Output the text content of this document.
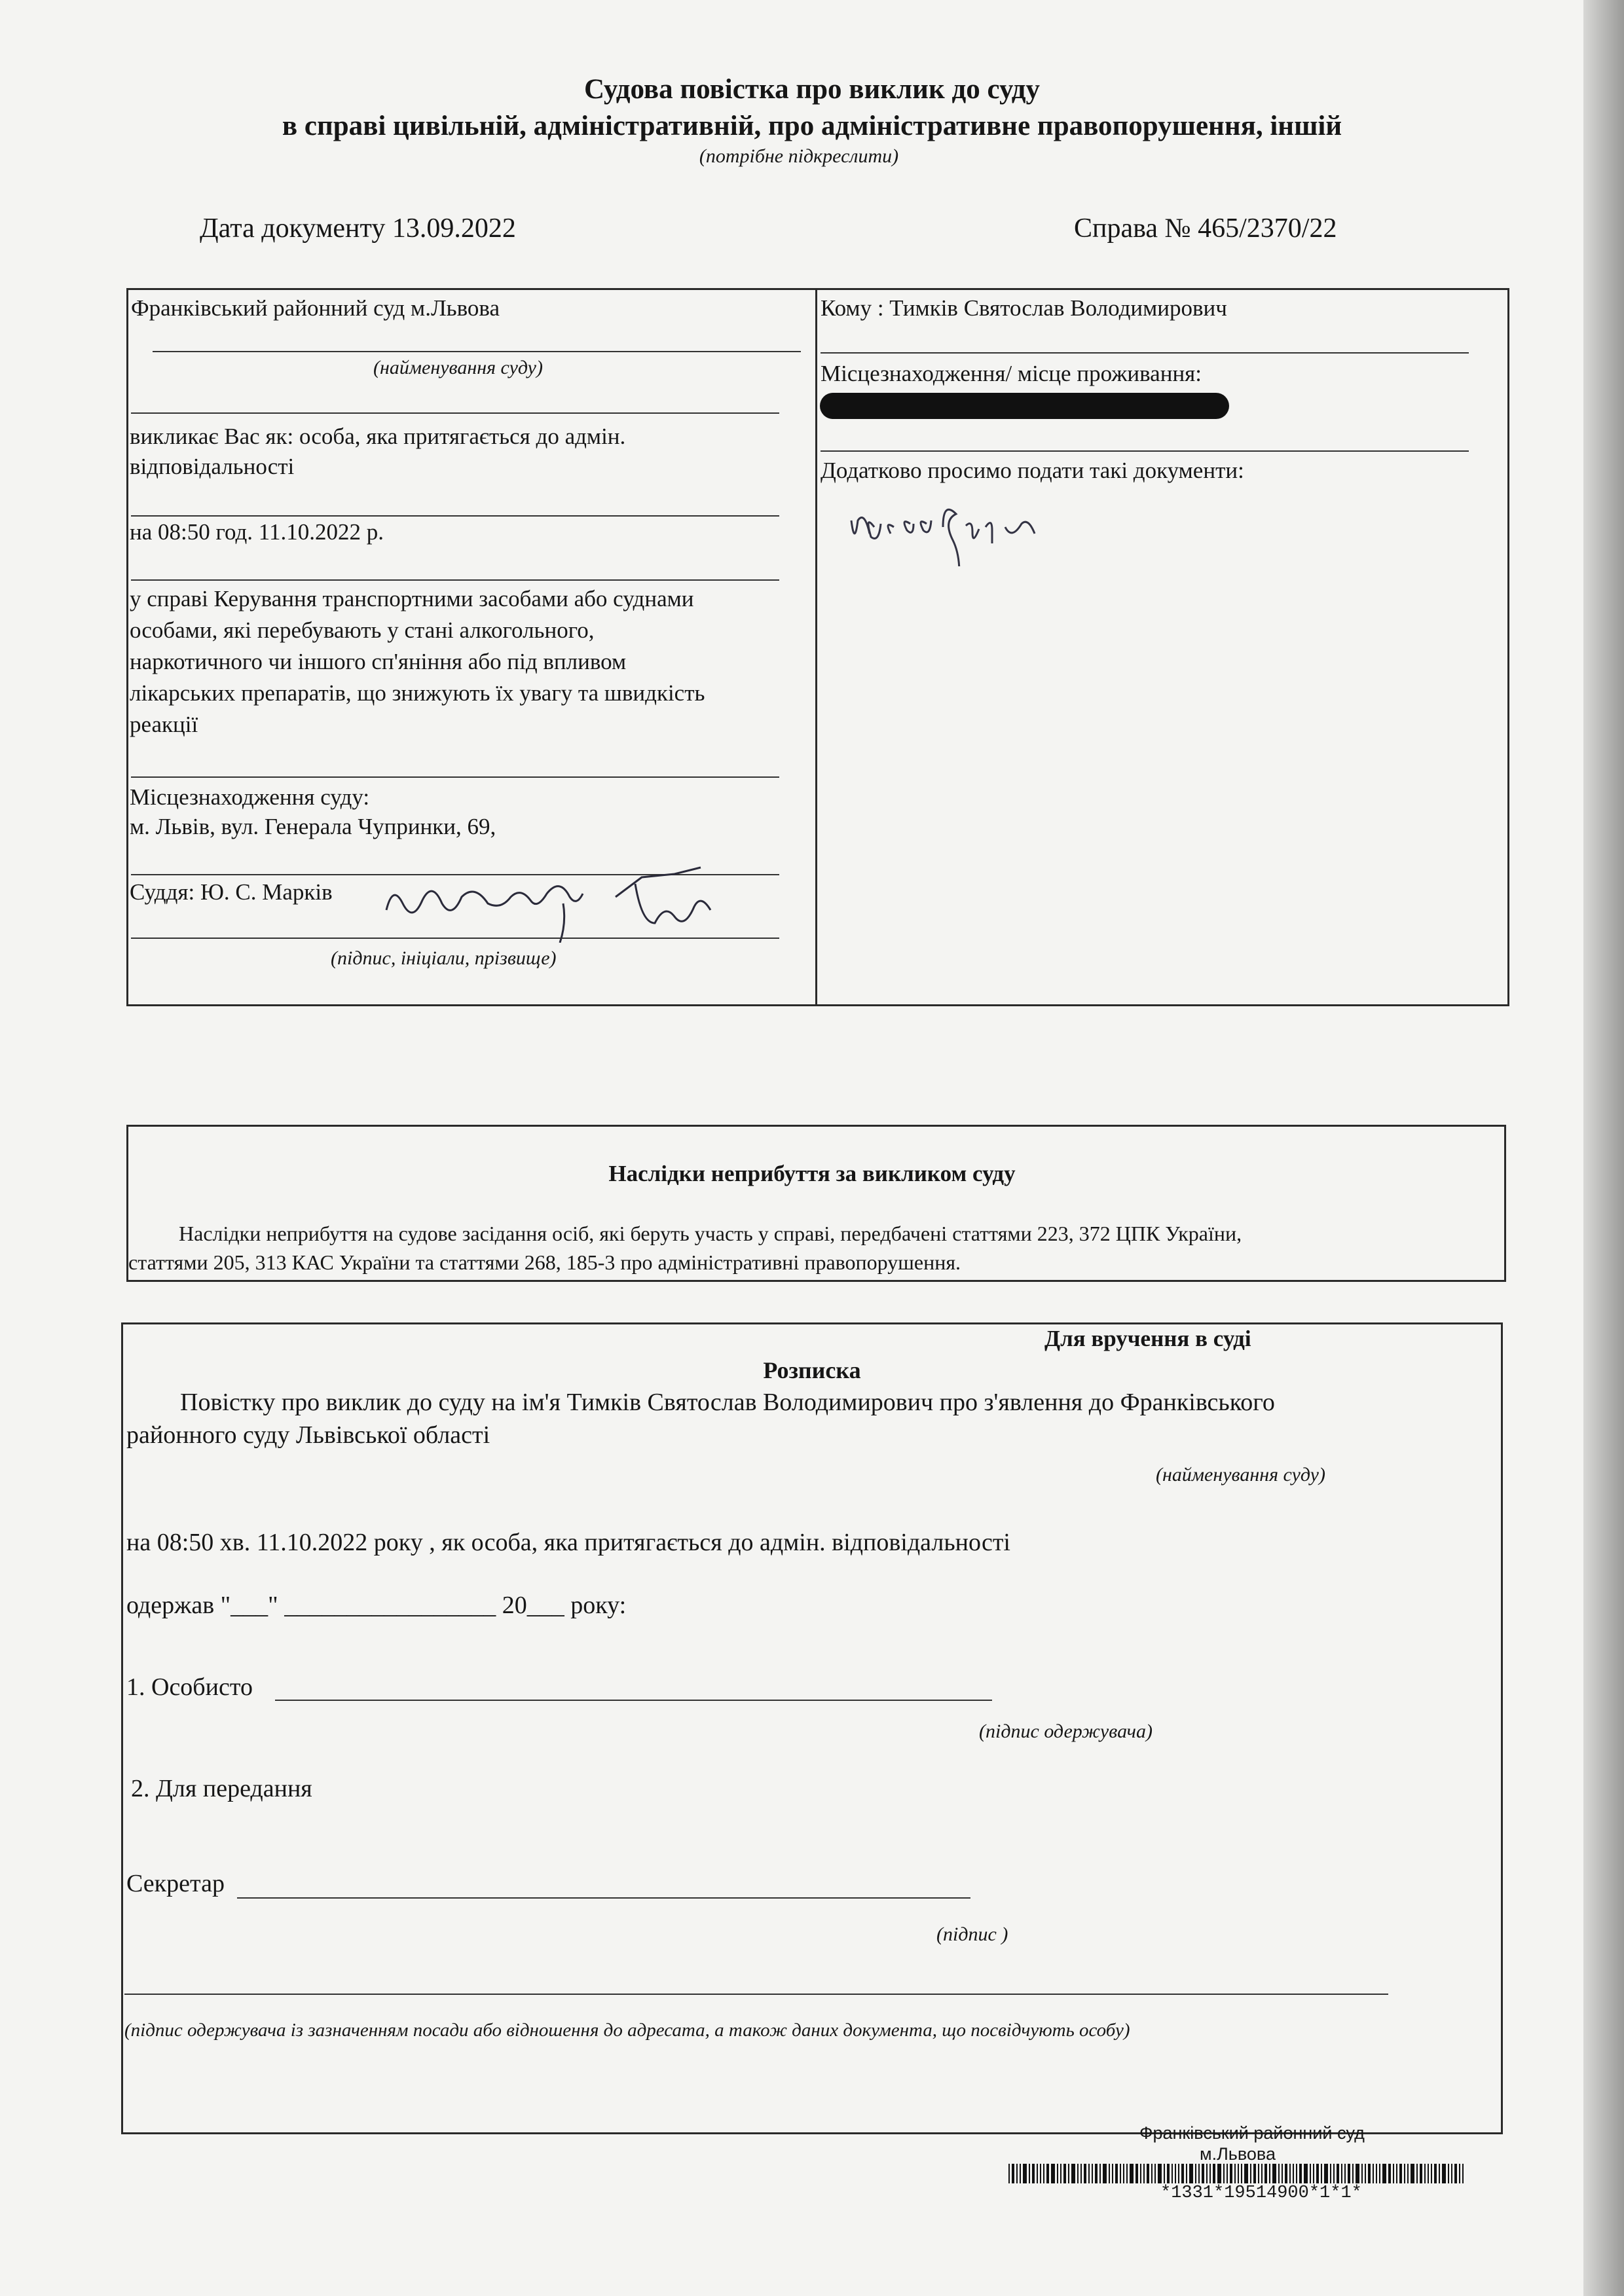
Судова повістка про виклик до суду
в справі цивільній, адміністративній, про адміністративне правопорушення, іншій
(потрібне підкреслити)
Дата документу 13.09.2022	Справа № 465/2370/22
Франківський районний суд м.Львова
(найменування суду)
викликає Вас як: особа, яка притягається до адмін.
відповідальності
на 08:50 год. 11.10.2022 р.
у справі Керування транспортними засобами або суднами
особами, які перебувають у стані алкогольного,
наркотичного чи іншого сп'яніння або під впливом
лікарських препаратів, що знижують їх увагу та швидкість
реакції
Місцезнаходження суду:
м. Львів, вул. Генерала Чупринки, 69,
Суддя: Ю. С. Марків
(підпис, ініціали, прізвище)
Кому : Тимків Святослав Володимирович
Місцезнаходження/ місце проживання:
Додатково просимо подати такі документи:
Наслідки неприбуття за викликом суду
Наслідки неприбуття на судове засідання осіб, які беруть участь у справі, передбачені статтями 223, 372 ЦПК України,
статтями 205, 313 КАС України та статтями 268, 185-3 про адміністративні правопорушення.
Для вручення в суді
Розписка
Повістку про виклик до суду на ім'я Тимків Святослав Володимирович про з'явлення до Франківського
районного суду Львівської області
(найменування суду)
на 08:50 хв. 11.10.2022 року , як особа, яка притягається до адмін. відповідальності
одержав "___" _________________ 20___ року:
1. Особисто
(підпис одержувача)
2. Для передання
Секретар
(підпис )
(підпис одержувача із зазначенням посади або відношення до адресата, а також даних документа, що посвідчують особу)
Франківський районний суд
м.Львова
*1331*19514900*1*1*
